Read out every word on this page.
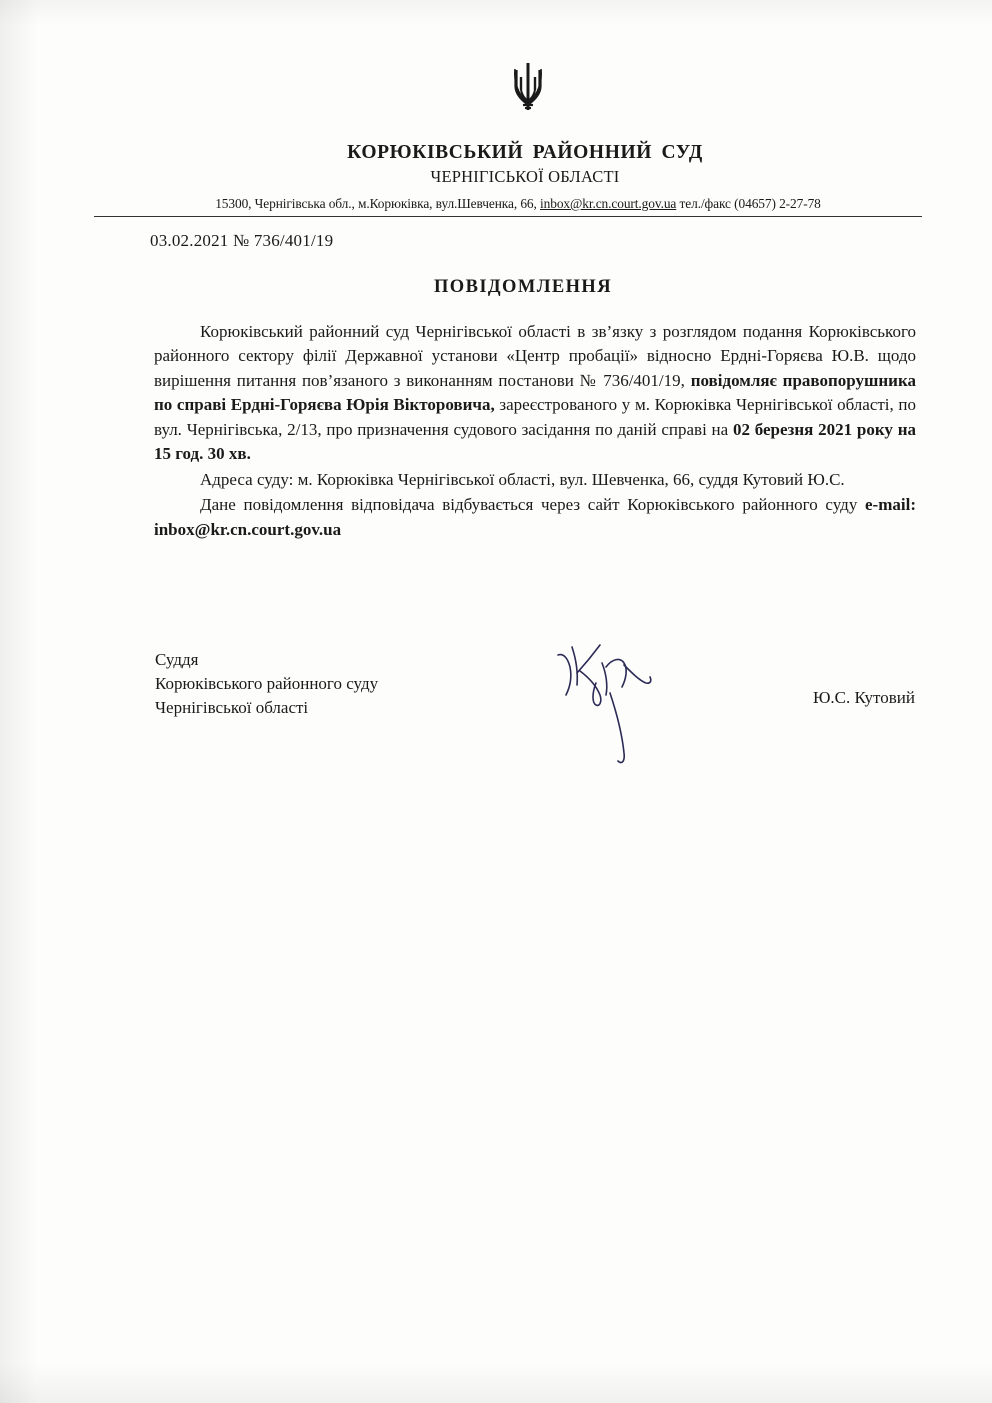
КОРЮКІВСЬКИЙ РАЙОННИЙ СУД
ЧЕРНІГІСЬКОЇ ОБЛАСТІ
15300, Чернігівська обл., м.Корюківка, вул.Шевченка, 66, inbox@kr.cn.court.gov.ua тел./факс (04657) 2-27-78
03.02.2021 № 736/401/19
ПОВІДОМЛЕННЯ

Корюківський районний суд Чернігівської області в зв’язку з розглядом подання Корюківського районного сектору філії Державної установи «Центр пробації» відносно Ердні-Горяєва Ю.В. щодо вирішення питання пов’язаного з виконанням постанови № 736/401/19, повідомляє правопорушника по справі Ердні-Горяєва Юрія Вікторовича, зареєстрованого у м. Корюківка Чернігівської області, по вул. Чернігівська, 2/13, про призначення судового засідання по даній справі на 02 березня 2021 року на 15 год. 30 хв.

Адреса суду: м. Корюківка Чернігівської області, вул. Шевченка, 66, суддя Кутовий Ю.С.

Дане повідомлення відповідача відбувається через сайт Корюківського районного суду e-mail: inbox@kr.cn.court.gov.ua

Суддя
Корюківського районного суду
Чернігівської області
Ю.С. Кутовий
